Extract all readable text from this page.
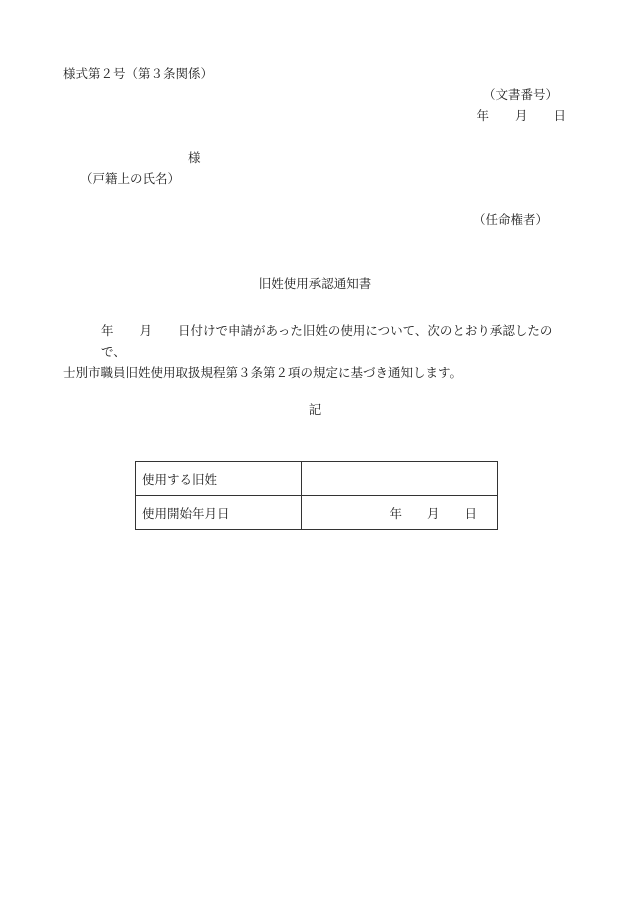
様式第２号（第３条関係）
（文書番号）
年 月 日
様
（戸籍上の氏名）
（任命権者）
旧姓使用承認通知書
年 月 日付けで申請があった旧姓の使用について、次のとおり承認したので、
士別市職員旧姓使用取扱規程第３条第２項の規定に基づき通知します。
記
使用する旧姓	
使用開始年月日	年　　月　　日
